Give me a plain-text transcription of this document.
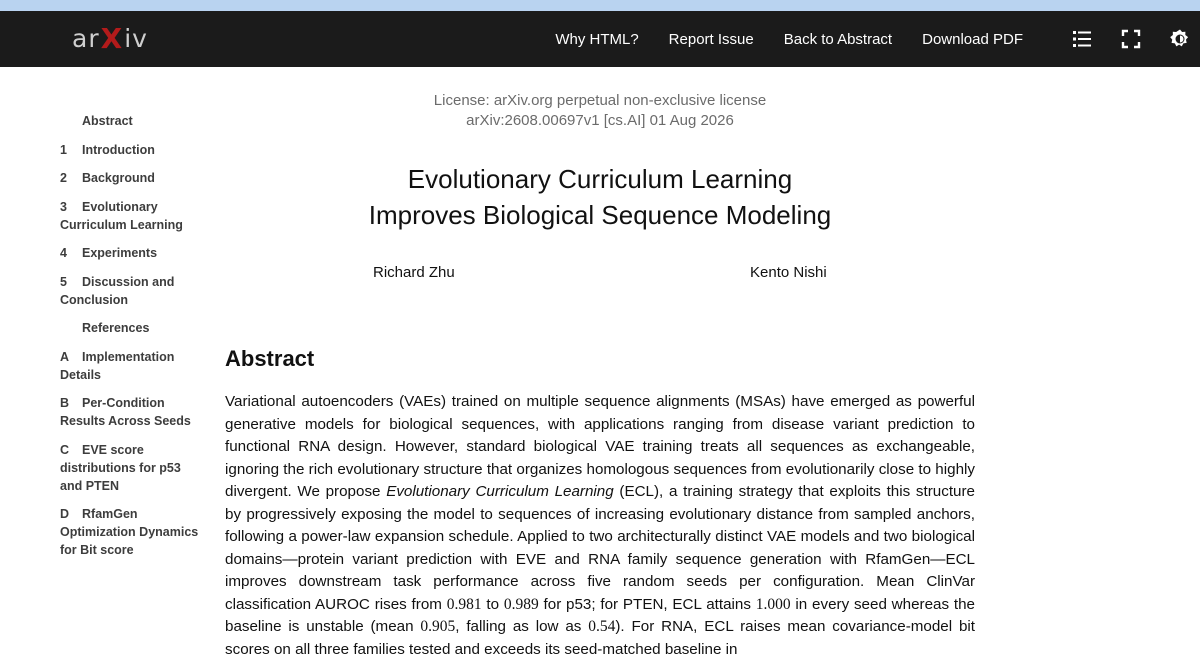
ar X iv	Why HTML? Report Issue Back to Abstract Download PDF
Abstract
1 Introduction
2 Background
3 Evolutionary Curriculum Learning
4 Experiments
5 Discussion and Conclusion
References
A Implementation Details
B Per-Condition Results Across Seeds
C EVE score distributions for p53 and PTEN
D RfamGen Optimization Dynamics for Bit score
License: arXiv.org perpetual non-exclusive license
arXiv:2608.00697v1 [cs.AI] 01 Aug 2026
Evolutionary Curriculum Learning
Improves Biological Sequence Modeling
Richard Zhu	Kento Nishi
Abstract

Variational autoencoders (VAEs) trained on multiple sequence alignments (MSAs) have emerged as powerful generative models for biological sequences, with applications ranging from disease variant prediction to functional RNA design. However, standard biological VAE training treats all sequences as exchangeable, ignoring the rich evolutionary structure that organizes homologous sequences from evolutionarily close to highly divergent. We propose Evolutionary Curriculum Learning (ECL), a training strategy that exploits this structure by progressively exposing the model to sequences of increasing evolutionary distance from sampled anchors, following a power-law expansion schedule. Applied to two architecturally distinct VAE models and two biological domains—protein variant prediction with EVE and RNA family sequence generation with RfamGen—ECL improves downstream task performance across five random seeds per configuration. Mean ClinVar classification AUROC rises from 0.981 to 0.989 for p53; for PTEN, ECL attains 1.000 in every seed whereas the baseline is unstable (mean 0.905, falling as low as 0.54). For RNA, ECL raises mean covariance-model bit scores on all three families tested and exceeds its seed-matched baseline in
